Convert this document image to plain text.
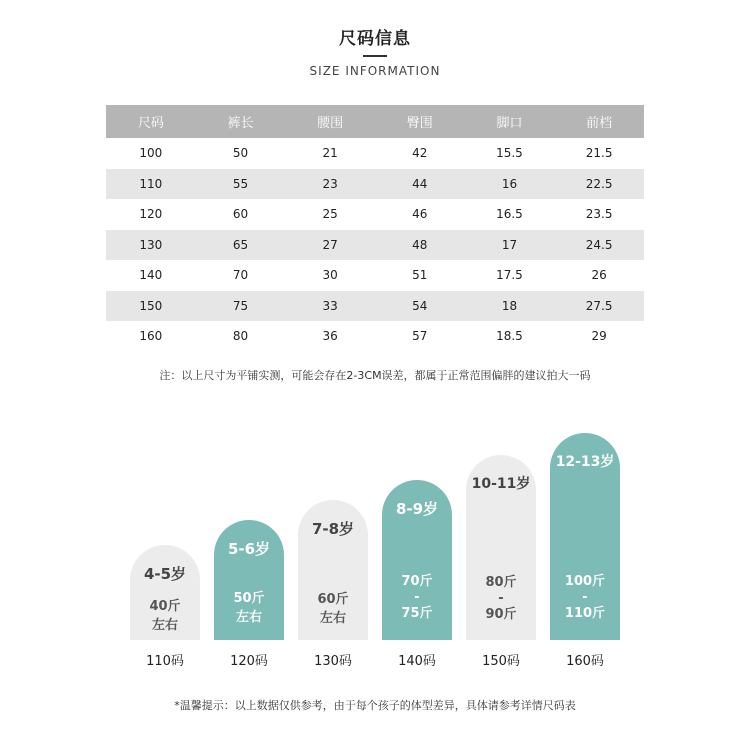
尺码信息
SIZE INFORMATION
尺码	裤长	腰围	臀围	脚口	前档
100	50	21	42	15.5	21.5
110	55	23	44	16	22.5
120	60	25	46	16.5	23.5
130	65	27	48	17	24.5
140	70	30	51	17.5	26
150	75	33	54	18	27.5
160	80	36	57	18.5	29
注：以上尺寸为平铺实测，可能会存在2-3CM误差，都属于正常范围偏胖的建议拍大一码
4-5岁
40斤
左右
5-6岁
50斤
左右
7-8岁
60斤
左右
8-9岁
70斤
-
75斤
10-11岁
80斤
-
90斤
12-13岁
100斤
-
110斤
110码	120码	130码	140码	150码	160码
*温馨提示：以上数据仅供参考，由于每个孩子的体型差异，具体请参考详情尺码表
